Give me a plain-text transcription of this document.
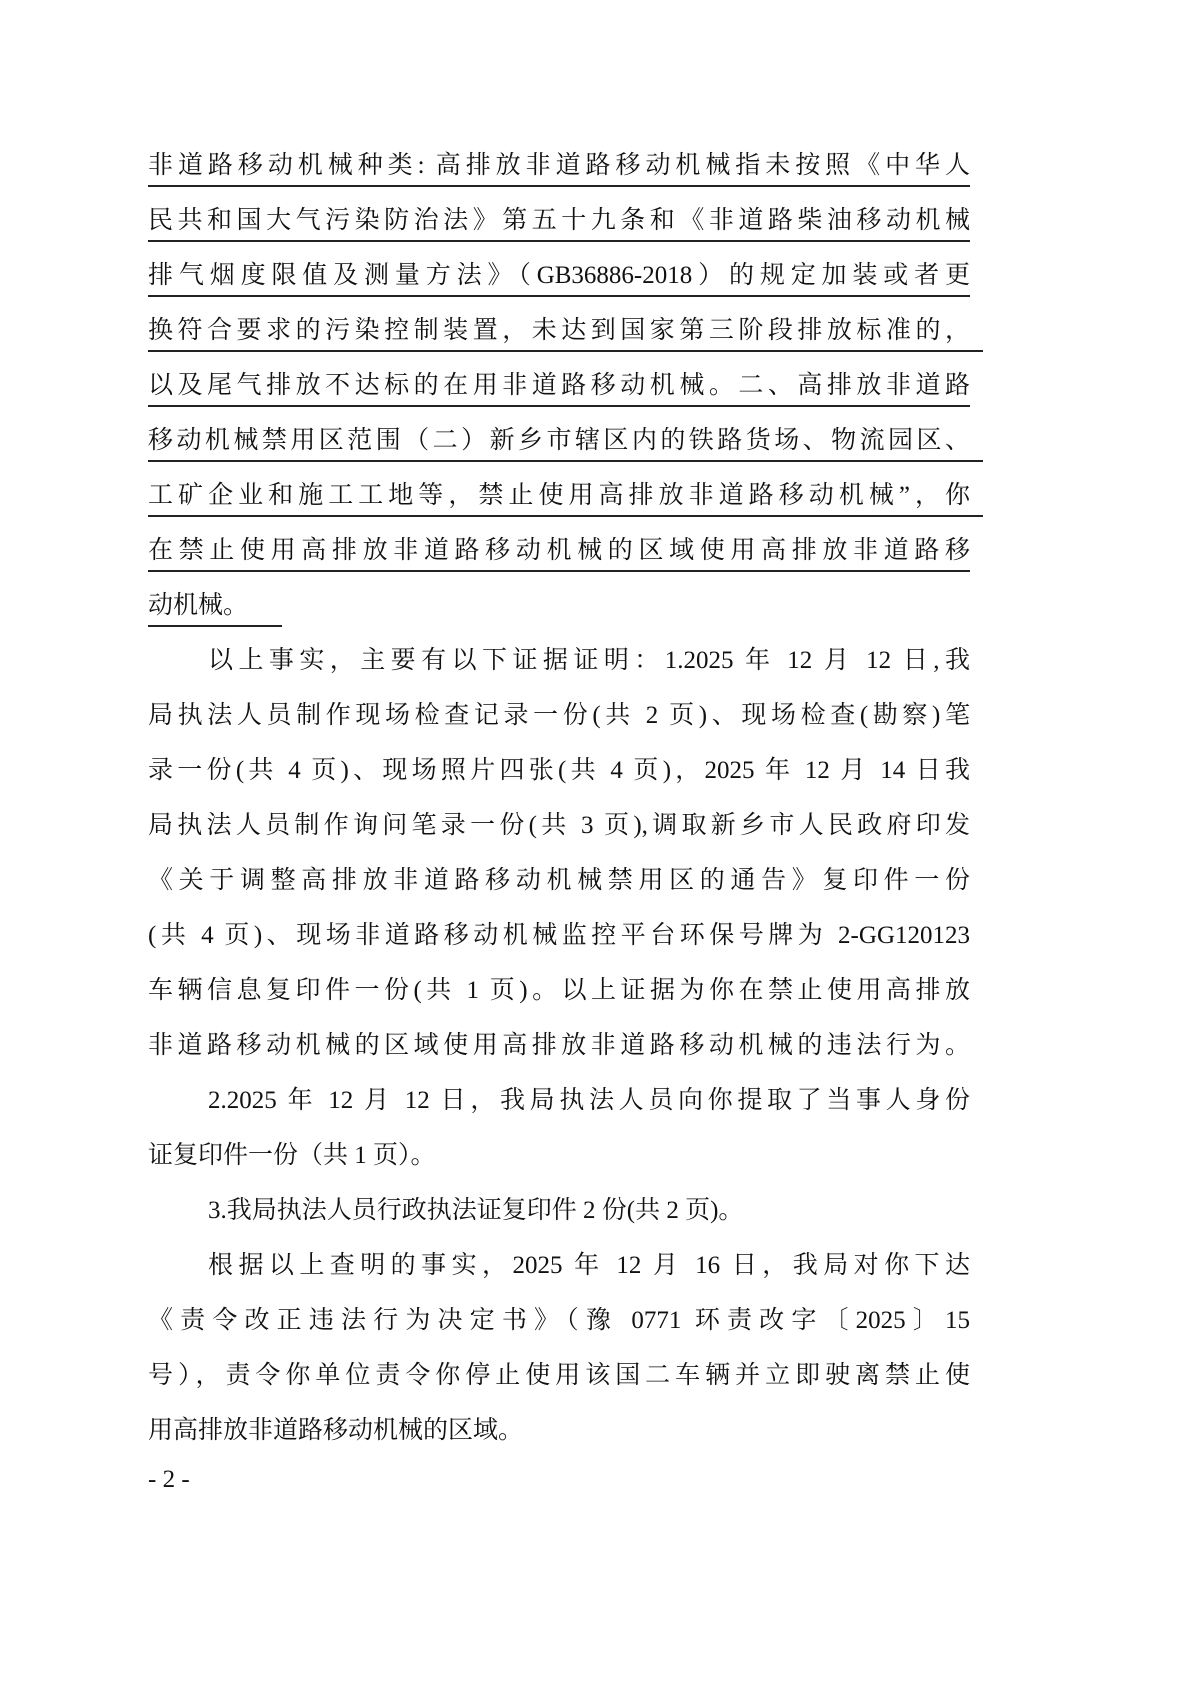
非道路移动机械种类: 高排放非道路移动机械指未按照《中华人
民共和国大气污染防治法》第五十九条和《非道路柴油移动机械
排气烟度限值及测量方法》（GB36886-2018）的规定加装或者更
换符合要求的污染控制装置，未达到国家第三阶段排放标准的，
以及尾气排放不达标的在用非道路移动机械。二、高排放非道路
移动机械禁用区范围（二）新乡市辖区内的铁路货场、物流园区、
工矿企业和施工工地等，禁止使用高排放非道路移动机械”，你
在禁止使用高排放非道路移动机械的区域使用高排放非道路移
动机械。
以上事实，主要有以下证据证明：1.2025 年 12 月 12 日,我
局执法人员制作现场检查记录一份(共 2 页)、现场检查(勘察)笔
录一份(共 4 页)、现场照片四张(共 4 页)，2025 年 12 月 14 日我
局执法人员制作询问笔录一份(共 3 页),调取新乡市人民政府印发
《关于调整高排放非道路移动机械禁用区的通告》复印件一份
(共 4 页)、现场非道路移动机械监控平台环保号牌为 2-GG120123
车辆信息复印件一份(共 1 页)。以上证据为你在禁止使用高排放
非道路移动机械的区域使用高排放非道路移动机械的违法行为。
2.2025 年 12 月 12 日，我局执法人员向你提取了当事人身份
证复印件一份（共 1 页）。
3.我局执法人员行政执法证复印件 2 份(共 2 页)。
根据以上查明的事实，2025 年 12 月 16 日，我局对你下达
《责令改正违法行为决定书》（豫 0771 环责改字〔2025〕15
号），责令你单位责令你停止使用该国二车辆并立即驶离禁止使
用高排放非道路移动机械的区域。
- 2 -
